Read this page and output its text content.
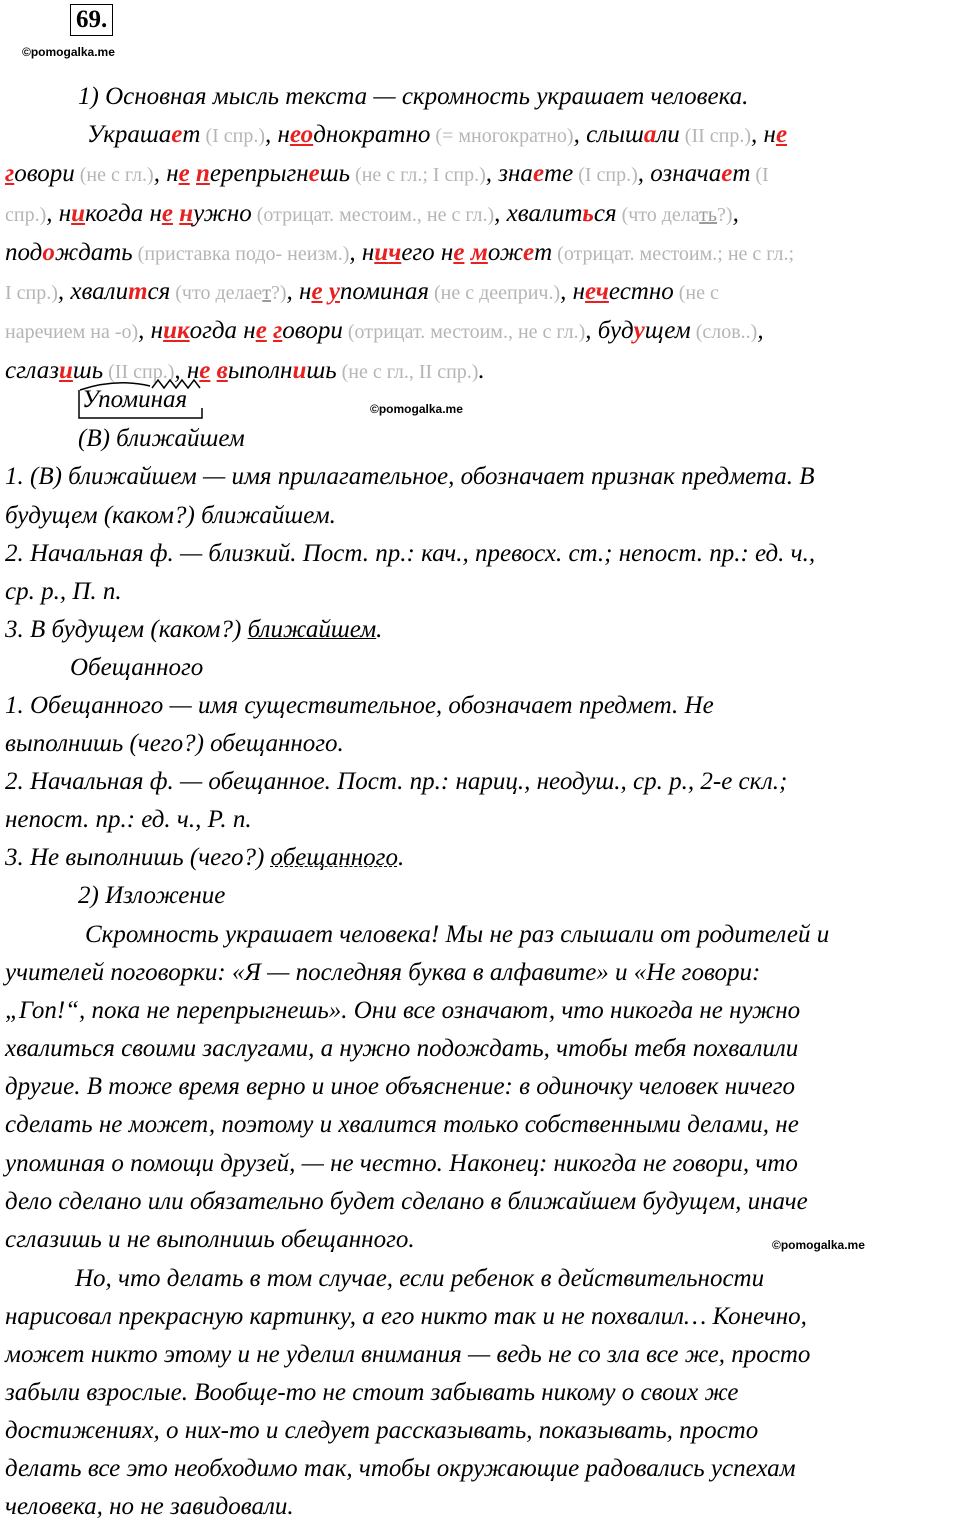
69.
©pomogalka.me
1) Основная мысль текста — скромность украшает человека.

Украшает (I спр.), неоднократно (= многократно), слышали (II спр.), не
говори (не с гл.), не перепрыгнешь (не с гл.; I спр.), знаете (I спр.), означает (I
спр.), никогда не нужно (отрицат. местоим., не с гл.), хвалиться (что делать?),
подождать (приставка подо- неизм.), ничего не может (отрицат. местоим.; не с гл.;
I спр.), хвалится (что делает?), не упоминая (не с дееприч.), нечестно (не с
наречием на -о), никогда не говори (отрицат. местоим., не с гл.), будущем (слов..),
сглазишь (II спр.), не выполнишь (не с гл., II спр.).

Упоминая	©pomogalka.me
(В) ближайшем
1. (В) ближайшем — имя прилагательное, обозначает признак предмета. В
будущем (каком?) ближайшем.
2. Начальная ф. — близкий. Пост. пр.: кач., превосх. ст.; непост. пр.: ед. ч.,
ср. р., П. п.
3. В будущем (каком?) ближайшем.
Обещанного
1. Обещанного — имя существительное, обозначает предмет. Не
выполнишь (чего?) обещанного.
2. Начальная ф. — обещанное. Пост. пр.: нариц., неодуш., ср. р., 2-е скл.;
непост. пр.: ед. ч., Р. п.
3. Не выполнишь (чего?) обещанного.
2) Изложение
Скромность украшает человека! Мы не раз слышали от родителей и
учителей поговорки: «Я — последняя буква в алфавите» и «Не говори:
„Гоп!“, пока не перепрыгнешь». Они все означают, что никогда не нужно
хвалиться своими заслугами, а нужно подождать, чтобы тебя похвалили
другие. В тоже время верно и иное объяснение: в одиночку человек ничего
сделать не может, поэтому и хвалится только собственными делами, не
упоминая о помощи друзей, — не честно. Наконец: никогда не говори, что
дело сделано или обязательно будет сделано в ближайшем будущем, иначе
сглазишь и не выполнишь обещанного.	©pomogalka.me
Но, что делать в том случае, если ребенок в действительности
нарисовал прекрасную картинку, а его никто так и не похвалил… Конечно,
может никто этому и не уделил внимания — ведь не со зла все же, просто
забыли взрослые. Вообще-то не стоит забывать никому о своих же
достижениях, о них-то и следует рассказывать, показывать, просто
делать все это необходимо так, чтобы окружающие радовались успехам
человека, но не завидовали.
